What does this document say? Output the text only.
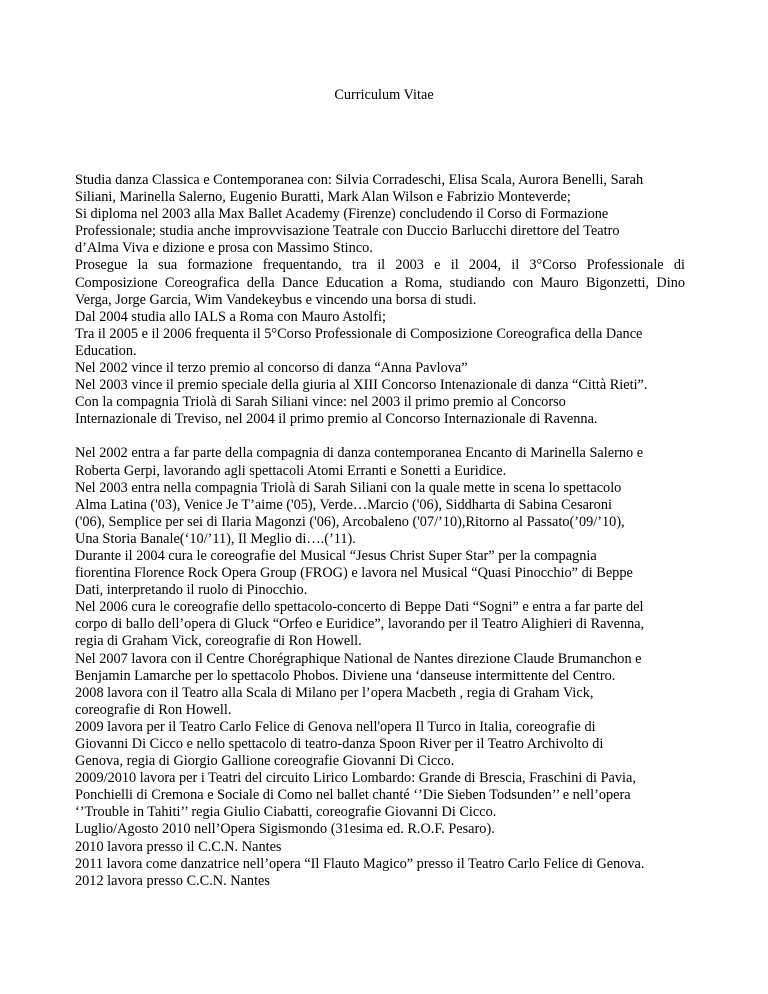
Curriculum Vitae
Studia danza Classica e Contemporanea con: Silvia Corradeschi, Elisa Scala, Aurora Benelli, Sarah
Siliani, Marinella Salerno, Eugenio Buratti, Mark Alan Wilson e Fabrizio Monteverde;
Si diploma nel 2003 alla Max Ballet Academy (Firenze) concludendo il Corso di Formazione
Professionale; studia anche improvvisazione Teatrale con Duccio Barlucchi direttore del Teatro
d’Alma Viva e dizione e prosa con Massimo Stinco.
Prosegue la sua formazione frequentando, tra il 2003 e il 2004, il 3°Corso Professionale di
Composizione Coreografica della Dance Education a Roma, studiando con Mauro Bigonzetti, Dino
Verga, Jorge Garcia, Wim Vandekeybus e vincendo una borsa di studi.
Dal 2004 studia allo IALS a Roma con Mauro Astolfi;
Tra il 2005 e il 2006 frequenta il 5°Corso Professionale di Composizione Coreografica della Dance
Education.
Nel 2002 vince il terzo premio al concorso di danza “Anna Pavlova”
Nel 2003 vince il premio speciale della giuria al XIII Concorso Intenazionale di danza “Città Rieti”.
Con la compagnia Triolà di Sarah Siliani vince: nel 2003 il primo premio al Concorso
Internazionale di Treviso, nel 2004 il primo premio al Concorso Internazionale di Ravenna.
Nel 2002 entra a far parte della compagnia di danza contemporanea Encanto di Marinella Salerno e
Roberta Gerpi, lavorando agli spettacoli Atomi Erranti e Sonetti a Euridice.
Nel 2003 entra nella compagnia Triolà di Sarah Siliani con la quale mette in scena lo spettacolo
Alma Latina ('03), Venice Je T’aime ('05), Verde…Marcio ('06), Siddharta di Sabina Cesaroni
('06), Semplice per sei di Ilaria Magonzi ('06), Arcobaleno ('07/’10),Ritorno al Passato(’09/’10),
Una Storia Banale(‘10/’11), Il Meglio di….(’11).
Durante il 2004 cura le coreografie del Musical “Jesus Christ Super Star” per la compagnia
fiorentina Florence Rock Opera Group (FROG) e lavora nel Musical “Quasi Pinocchio” di Beppe
Dati, interpretando il ruolo di Pinocchio.
Nel 2006 cura le coreografie dello spettacolo-concerto di Beppe Dati “Sogni” e entra a far parte del
corpo di ballo dell’opera di Gluck “Orfeo e Euridice”, lavorando per il Teatro Alighieri di Ravenna,
regia di Graham Vick, coreografie di Ron Howell.
Nel 2007 lavora con il Centre Chorégraphique National de Nantes direzione Claude Brumanchon e
Benjamin Lamarche per lo spettacolo Phobos. Diviene una ‘danseuse intermittente del Centro.
2008 lavora con il Teatro alla Scala di Milano per l’opera Macbeth , regia di Graham Vick,
coreografie di Ron Howell.
2009 lavora per il Teatro Carlo Felice di Genova nell'opera Il Turco in Italia, coreografie di
Giovanni Di Cicco e nello spettacolo di teatro-danza Spoon River per il Teatro Archivolto di
Genova, regia di Giorgio Gallione coreografie Giovanni Di Cicco.
2009/2010 lavora per i Teatri del circuito Lirico Lombardo: Grande di Brescia, Fraschini di Pavia,
Ponchielli di Cremona e Sociale di Como nel ballet chanté ‘’Die Sieben Todsunden’’ e nell’opera
‘’Trouble in Tahiti’’ regia Giulio Ciabatti, coreografie Giovanni Di Cicco.
Luglio/Agosto 2010 nell’Opera Sigismondo (31esima ed. R.O.F. Pesaro).
2010 lavora presso il C.C.N. Nantes
2011 lavora come danzatrice nell’opera “Il Flauto Magico” presso il Teatro Carlo Felice di Genova.
2012 lavora presso C.C.N. Nantes
